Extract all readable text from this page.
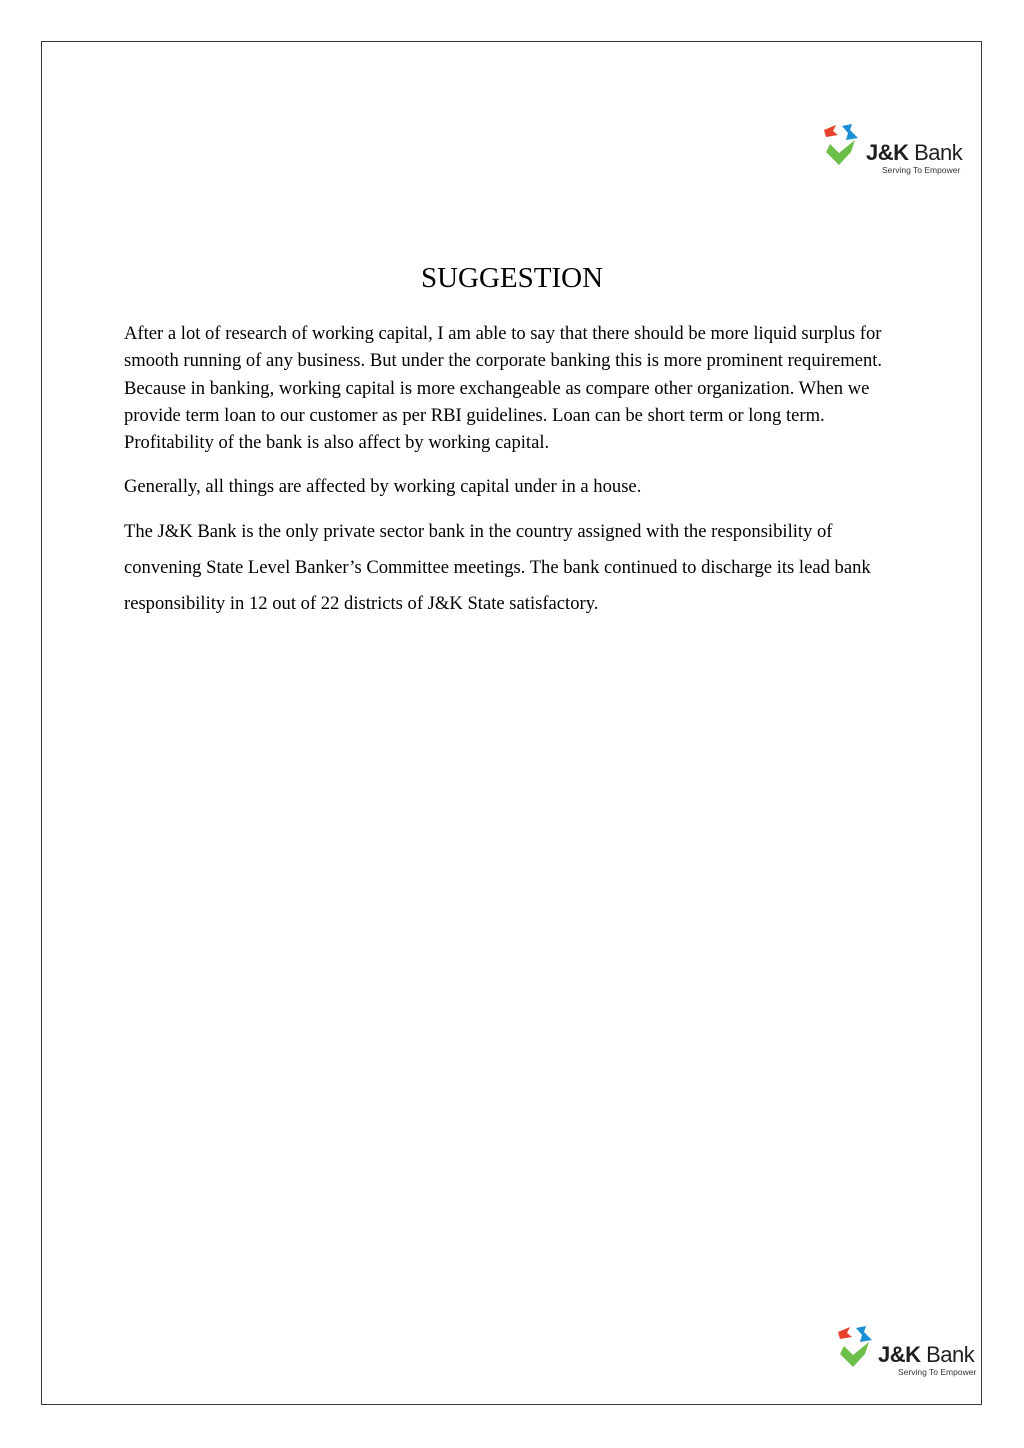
J&K Bank
Serving To Empower
SUGGESTION

After a lot of research of working capital, I am able to say that there should be more liquid surplus for smooth running of any business. But under the corporate banking this is more prominent requirement. Because in banking, working capital is more exchangeable as compare other organization. When we provide term loan to our customer as per RBI guidelines. Loan can be short term or long term. Profitability of the bank is also affect by working capital.

Generally, all things are affected by working capital under in a house.

The J&K Bank is the only private sector bank in the country assigned with the responsibility of convening State Level Banker’s Committee meetings. The bank continued to discharge its lead bank responsibility in 12 out of 22 districts of J&K State satisfactory.

J&K Bank
Serving To Empower
